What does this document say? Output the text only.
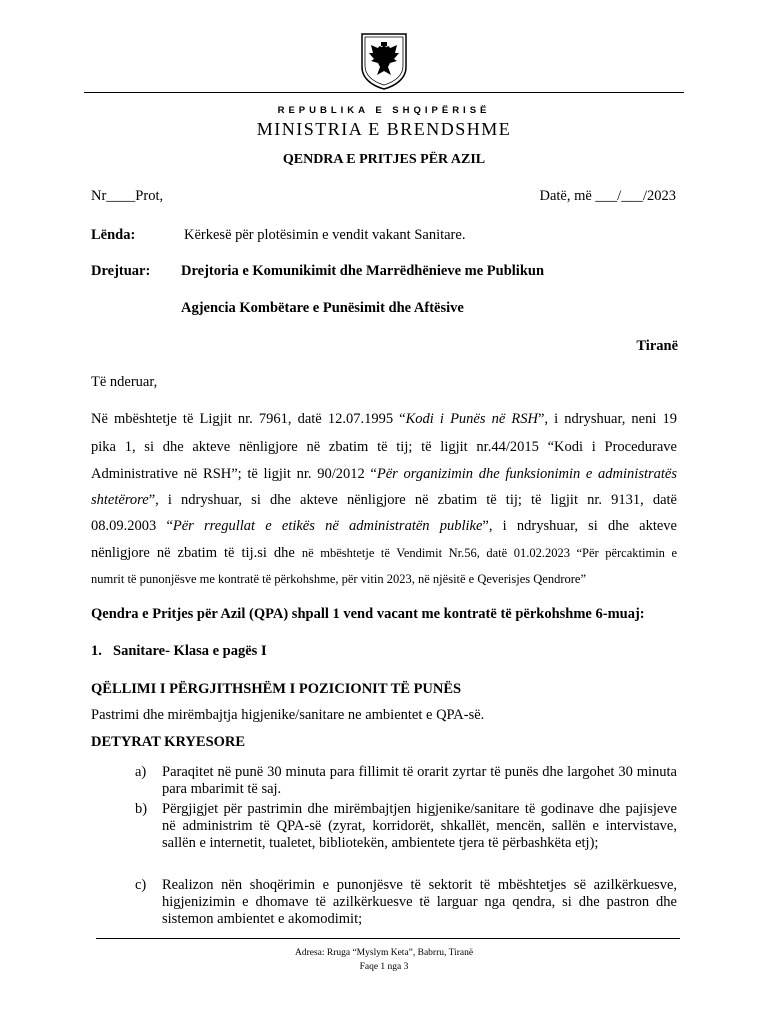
REPUBLIKA E SHQIPËRISË
MINISTRIA E BRENDSHME
QENDRA E PRITJES PËR AZIL
Nr____Prot,	Datë, më ___/___/2023
Lënda:	Kërkesë për plotësimin e vendit vakant Sanitare.
Drejtuar: Drejtoria e Komunikimit dhe Marrëdhënieve me Publikun
Agjencia Kombëtare e Punësimit dhe Aftësive
Tiranë
Të nderuar,
Në mbështetje të Ligjit nr. 7961, datë 12.07.1995 “Kodi i Punës në RSH”, i ndryshuar, neni 19
pika 1, si dhe akteve nënligjore në zbatim të tij; të ligjit nr.44/2015 “Kodi i Procedurave
Administrative në RSH”; të ligjit nr. 90/2012 “Për organizimin dhe funksionimin e administratës
shtetërore”, i ndryshuar, si dhe akteve nënligjore në zbatim të tij; të ligjit nr. 9131, datë
08.09.2003 “Për rregullat e etikës në administratën publike”, i ndryshuar, si dhe akteve
nënligjore në zbatim të tij.si dhe në mbështetje të Vendimit Nr.56, datë 01.02.2023 “Për përcaktimin e
numrit të punonjësve me kontratë të përkohshme, për vitin 2023, në njësitë e Qeverisjes Qendrore”
Qendra e Pritjes për Azil (QPA) shpall 1 vend vacant me kontratë të përkohshme 6-muaj:
1. Sanitare- Klasa e pagës I
QËLLIMI I PËRGJITHSHËM I POZICIONIT TË PUNËS
Pastrimi dhe mirëmbajtja higjenike/sanitare ne ambientet e QPA-së.
DETYRAT KRYESORE
a) Paraqitet në punë 30 minuta para fillimit të orarit zyrtar të punës dhe largohet 30 minuta para mbarimit të saj.
b) Përgjigjet për pastrimin dhe mirëmbajtjen higjenike/sanitare të godinave dhe pajisjeve në administrim të QPA-së (zyrat, korridorët, shkallët, mencën, sallën e intervistave, sallën e internetit, tualetet, bibliotekën, ambientete tjera të përbashkëta etj);
c) Realizon nën shoqërimin e punonjësve të sektorit të mbështetjes së azilkërkuesve, higjenizimin e dhomave të azilkërkuesve të larguar nga qendra, si dhe pastron dhe sistemon ambientet e akomodimit;
Adresa: Rruga “Myslym Keta”, Babrru, Tiranë
Faqe 1 nga 3
